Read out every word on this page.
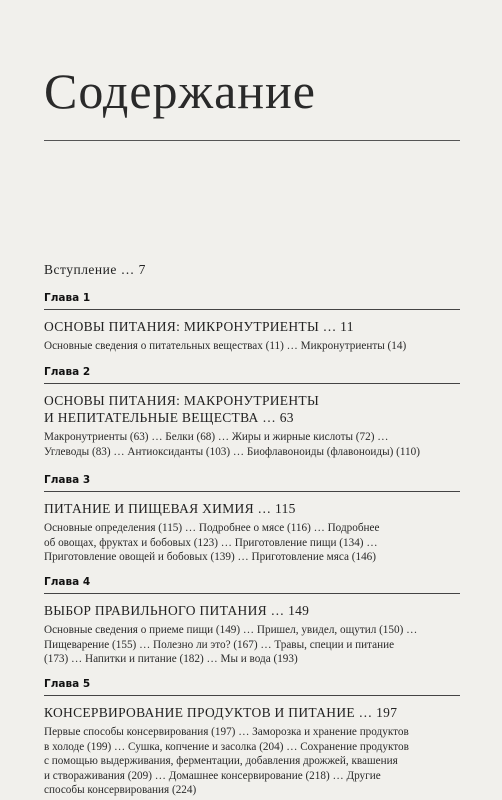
Содержание
Вступление … 7
Глава 1
ОСНОВЫ ПИТАНИЯ: МИКРОНУТРИЕНТЫ … 11
Основные сведения о питательных веществах (11) … Микронутриенты (14)
Глава 2
ОСНОВЫ ПИТАНИЯ: МАКРОНУТРИЕНТЫ
И НЕПИТАТЕЛЬНЫЕ ВЕЩЕСТВА … 63
Макронутриенты (63) … Белки (68) … Жиры и жирные кислоты (72) …
Углеводы (83) … Антиоксиданты (103) … Биофлавоноиды (флавоноиды) (110)
Глава 3
ПИТАНИЕ И ПИЩЕВАЯ ХИМИЯ … 115
Основные определения (115) … Подробнее о мясе (116) … Подробнее
об овощах, фруктах и бобовых (123) … Приготовление пищи (134) …
Приготовление овощей и бобовых (139) … Приготовление мяса (146)
Глава 4
ВЫБОР ПРАВИЛЬНОГО ПИТАНИЯ … 149
Основные сведения о приеме пищи (149) … Пришел, увидел, ощутил (150) …
Пищеварение (155) … Полезно ли это? (167) … Травы, специи и питание
(173) … Напитки и питание (182) … Мы и вода (193)
Глава 5
КОНСЕРВИРОВАНИЕ ПРОДУКТОВ И ПИТАНИЕ … 197
Первые способы консервирования (197) … Заморозка и хранение продуктов
в холоде (199) … Сушка, копчение и засолка (204) … Сохранение продуктов
с помощью выдерживания, ферментации, добавления дрожжей, квашения
и створаживания (209) … Домашнее консервирование (218) … Другие
способы консервирования (224)
